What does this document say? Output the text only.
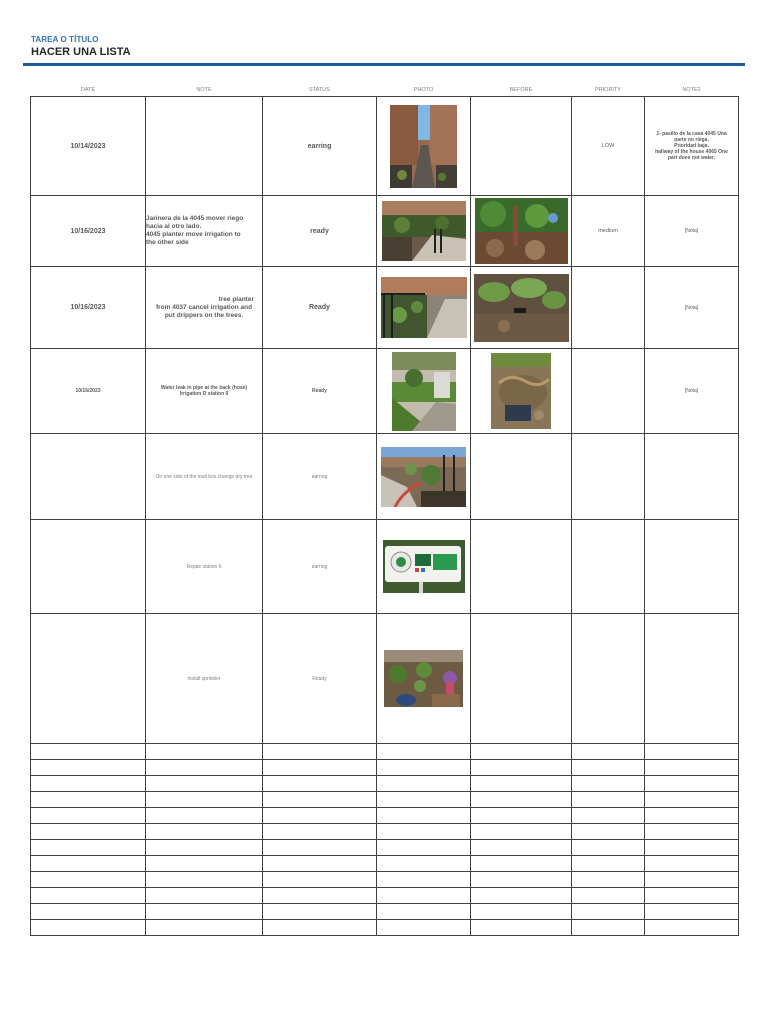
TAREA O TÍTULO
HACER UNA LISTA
DATE	NOTE	STATUS	PHOTO	BEFORE	PRIORITY	NOTE2
10/14/2023		earring			LOW	1- pasillo de la casa 4045 Una
parte no riega.
Prioridad baja.
hallway of the house 4065 One
part does not water.

10/16/2023	Jarinera de la 4045 mover riego
hacia al otro lado.
4045 planter move irrigation to
the other side	ready			medium	[Nota]
10/16/2023	tree planter
from 4037 cancel irrigation and
put drippers on the trees.	Ready				[Nota]
10/16/2023	Water leak in pipe at the back (hose)
Irrigation D station 9	Ready				[Nota]
	On one side of the mail box change dry tree	earring	

	Repair station 6	earring	

	install sprinkler	Ready	
